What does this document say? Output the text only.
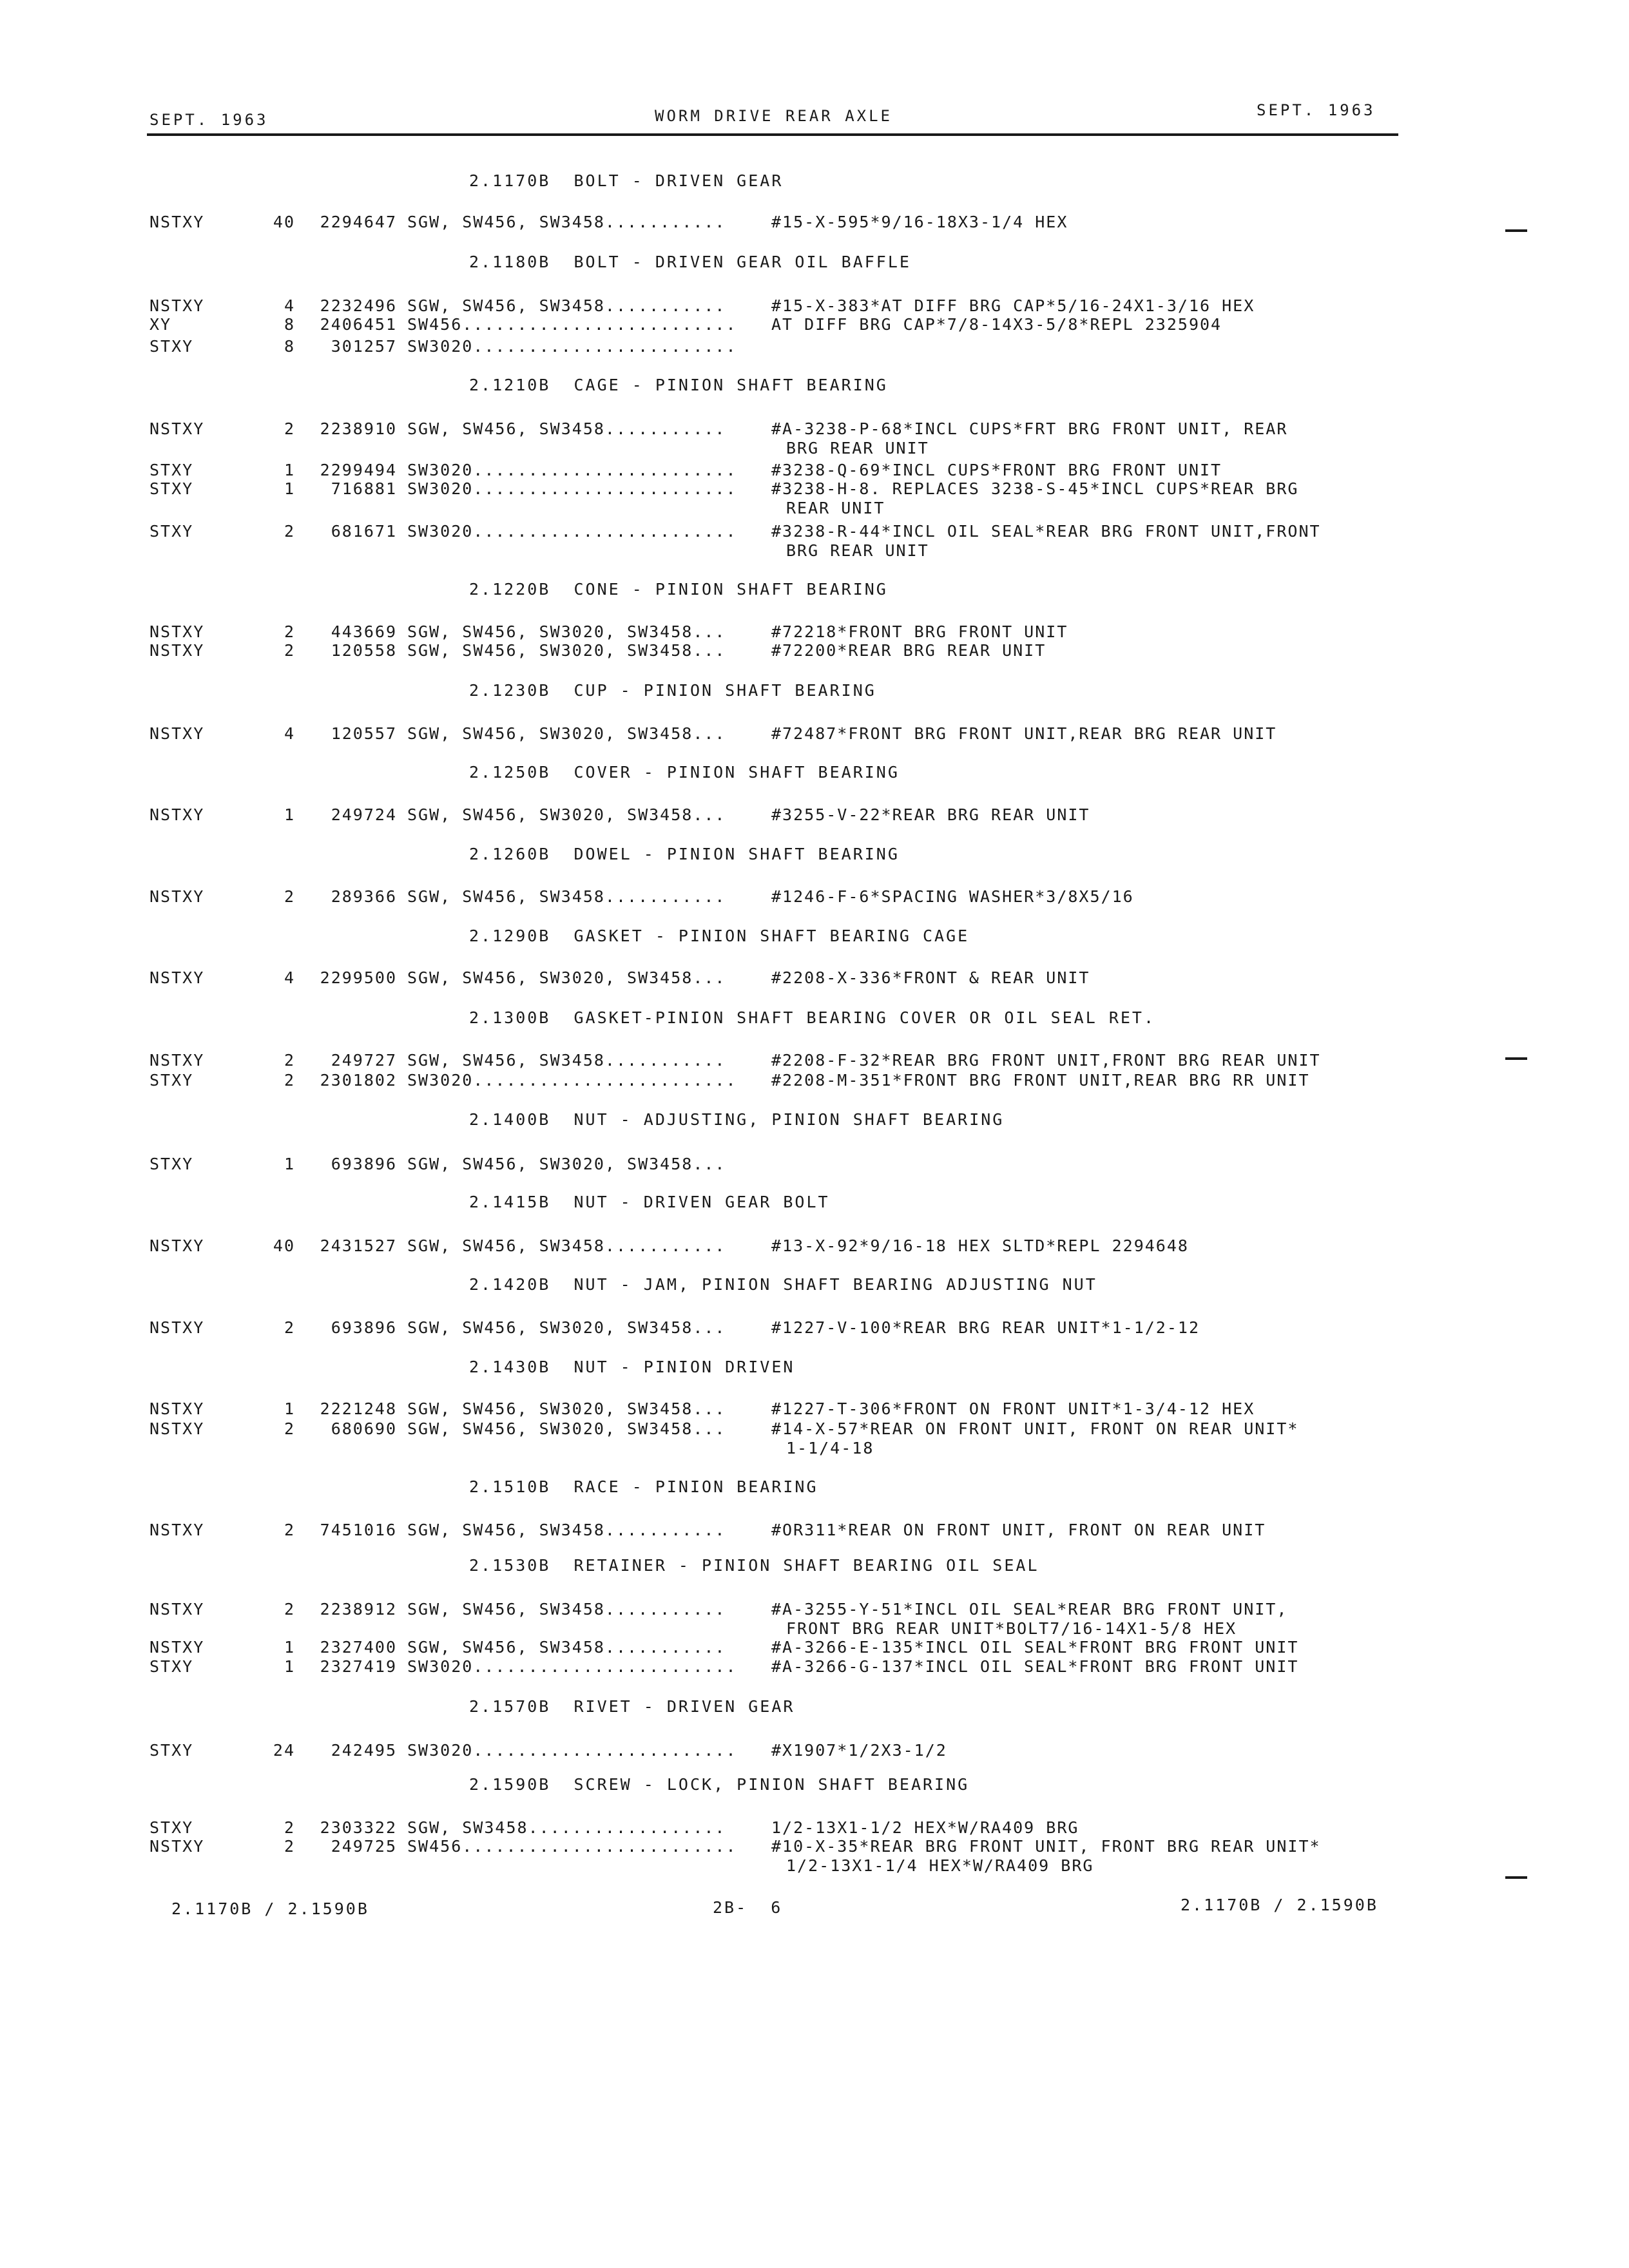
SEPT. 1963	WORM DRIVE REAR AXLE	SEPT. 1963
2.1170B  BOLT - DRIVEN GEAR
NSTXY	40	2294647 SGW, SW456, SW3458...........	#15-X-595*9/16-18X3-1/4 HEX
2.1180B  BOLT - DRIVEN GEAR OIL BAFFLE
NSTXY	4	2232496 SGW, SW456, SW3458...........	#15-X-383*AT DIFF BRG CAP*5/16-24X1-3/16 HEX
XY	8	2406451 SW456......................... AT DIFF BRG CAP*7/8-14X3-5/8*REPL 2325904
STXY	8	301257 SW3020........................
2.1210B  CAGE - PINION SHAFT BEARING
NSTXY	2	2238910 SGW, SW456, SW3458...........	#A-3238-P-68*INCL CUPS*FRT BRG FRONT UNIT, REAR
BRG REAR UNIT
STXY	1	2299494 SW3020........................ #3238-Q-69*INCL CUPS*FRONT BRG FRONT UNIT
STXY	1	716881 SW3020........................ #3238-H-8. REPLACES 3238-S-45*INCL CUPS*REAR BRG
REAR UNIT
STXY	2	681671 SW3020........................ #3238-R-44*INCL OIL SEAL*REAR BRG FRONT UNIT,FRONT
BRG REAR UNIT
2.1220B  CONE - PINION SHAFT BEARING
NSTXY	2	443669 SGW, SW456, SW3020, SW3458...	#72218*FRONT BRG FRONT UNIT
NSTXY	2	120558 SGW, SW456, SW3020, SW3458...	#72200*REAR BRG REAR UNIT
2.1230B  CUP - PINION SHAFT BEARING
NSTXY	4	120557 SGW, SW456, SW3020, SW3458...	#72487*FRONT BRG FRONT UNIT,REAR BRG REAR UNIT
2.1250B  COVER - PINION SHAFT BEARING
NSTXY	1	249724 SGW, SW456, SW3020, SW3458...	#3255-V-22*REAR BRG REAR UNIT
2.1260B  DOWEL - PINION SHAFT BEARING
NSTXY	2	289366 SGW, SW456, SW3458...........	#1246-F-6*SPACING WASHER*3/8X5/16
2.1290B  GASKET - PINION SHAFT BEARING CAGE
NSTXY	4	2299500 SGW, SW456, SW3020, SW3458...	#2208-X-336*FRONT & REAR UNIT
2.1300B  GASKET-PINION SHAFT BEARING COVER OR OIL SEAL RET.
NSTXY	2	249727 SGW, SW456, SW3458...........	#2208-F-32*REAR BRG FRONT UNIT,FRONT BRG REAR UNIT
STXY	2	2301802 SW3020........................ #2208-M-351*FRONT BRG FRONT UNIT,REAR BRG RR UNIT
2.1400B  NUT - ADJUSTING, PINION SHAFT BEARING
STXY	1	693896 SGW, SW456, SW3020, SW3458...
2.1415B  NUT - DRIVEN GEAR BOLT
NSTXY	40	2431527 SGW, SW456, SW3458...........	#13-X-92*9/16-18 HEX SLTD*REPL 2294648
2.1420B  NUT - JAM, PINION SHAFT BEARING ADJUSTING NUT
NSTXY	2	693896 SGW, SW456, SW3020, SW3458...	#1227-V-100*REAR BRG REAR UNIT*1-1/2-12
2.1430B  NUT - PINION DRIVEN
NSTXY	1	2221248 SGW, SW456, SW3020, SW3458...	#1227-T-306*FRONT ON FRONT UNIT*1-3/4-12 HEX
NSTXY	2	680690 SGW, SW456, SW3020, SW3458...	#14-X-57*REAR ON FRONT UNIT, FRONT ON REAR UNIT*
1-1/4-18
2.1510B  RACE - PINION BEARING
NSTXY	2	7451016 SGW, SW456, SW3458...........	#OR311*REAR ON FRONT UNIT, FRONT ON REAR UNIT
2.1530B  RETAINER - PINION SHAFT BEARING OIL SEAL
NSTXY	2	2238912 SGW, SW456, SW3458...........	#A-3255-Y-51*INCL OIL SEAL*REAR BRG FRONT UNIT,
FRONT BRG REAR UNIT*BOLT7/16-14X1-5/8 HEX
NSTXY	1	2327400 SGW, SW456, SW3458...........	#A-3266-E-135*INCL OIL SEAL*FRONT BRG FRONT UNIT
STXY	1	2327419 SW3020........................ #A-3266-G-137*INCL OIL SEAL*FRONT BRG FRONT UNIT
2.1570B  RIVET - DRIVEN GEAR
STXY	24	242495 SW3020........................ #X1907*1/2X3-1/2
2.1590B  SCREW - LOCK, PINION SHAFT BEARING
STXY	2	2303322 SGW, SW3458..................	1/2-13X1-1/2 HEX*W/RA409 BRG
NSTXY	2	249725 SW456......................... #10-X-35*REAR BRG FRONT UNIT, FRONT BRG REAR UNIT*
1/2-13X1-1/4 HEX*W/RA409 BRG
2.1170B / 2.1590B	2B-  6	2.1170B / 2.1590B
